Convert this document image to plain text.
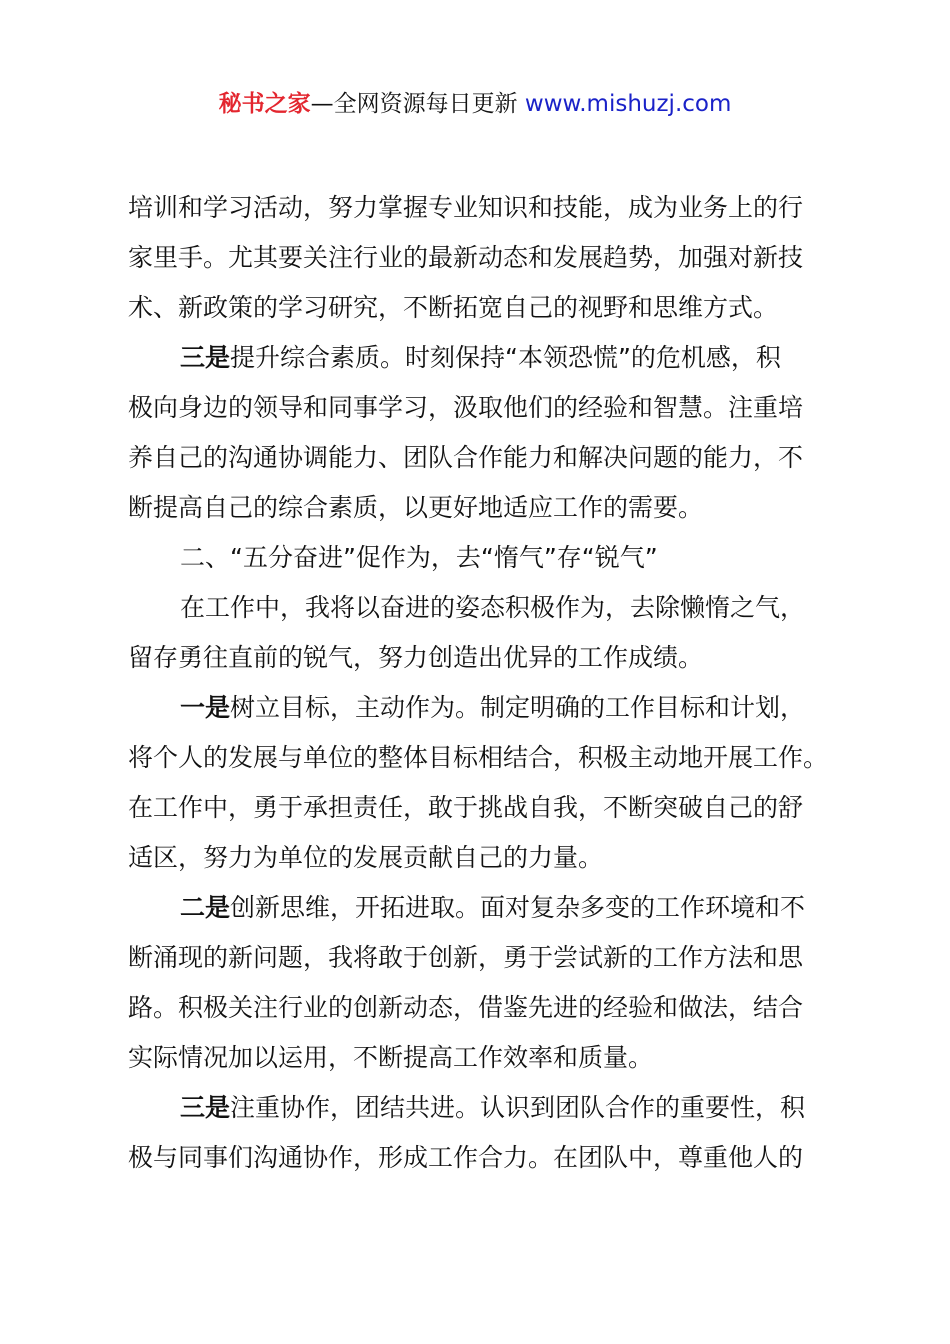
秘书之家—全网资源每日更新 www.mishuzj.com
培训和学习活动，努力掌握专业知识和技能，成为业务上的行
家里手。尤其要关注行业的最新动态和发展趋势，加强对新技
术、新政策的学习研究，不断拓宽自己的视野和思维方式。
三是提升综合素质。时刻保持“本领恐慌”的危机感，积
极向身边的领导和同事学习，汲取他们的经验和智慧。注重培
养自己的沟通协调能力、团队合作能力和解决问题的能力，不
断提高自己的综合素质，以更好地适应工作的需要。
二、“五分奋进”促作为，去“惰气”存“锐气”
在工作中，我将以奋进的姿态积极作为，去除懒惰之气，
留存勇往直前的锐气，努力创造出优异的工作成绩。
一是树立目标，主动作为。制定明确的工作目标和计划，
将个人的发展与单位的整体目标相结合，积极主动地开展工作。
在工作中，勇于承担责任，敢于挑战自我，不断突破自己的舒
适区，努力为单位的发展贡献自己的力量。
二是创新思维，开拓进取。面对复杂多变的工作环境和不
断涌现的新问题，我将敢于创新，勇于尝试新的工作方法和思
路。积极关注行业的创新动态，借鉴先进的经验和做法，结合
实际情况加以运用，不断提高工作效率和质量。
三是注重协作，团结共进。认识到团队合作的重要性，积
极与同事们沟通协作，形成工作合力。在团队中，尊重他人的
